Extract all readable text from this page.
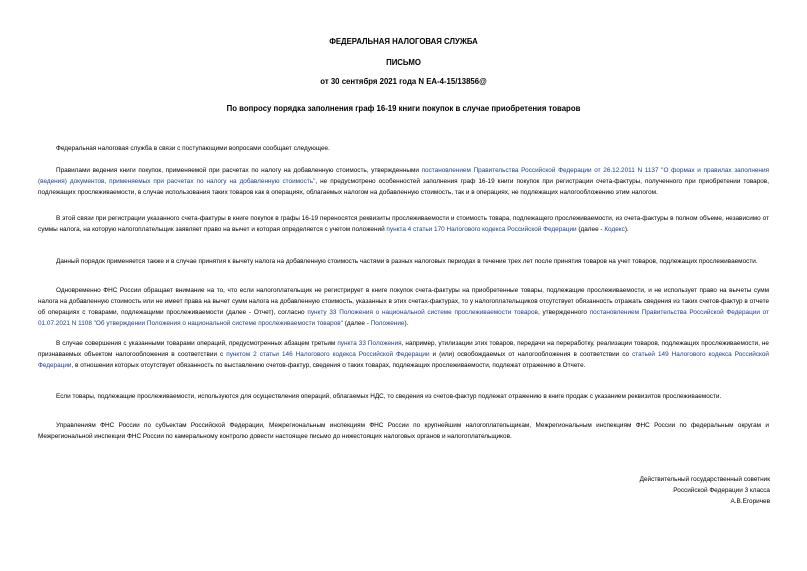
ФЕДЕРАЛЬНАЯ НАЛОГОВАЯ СЛУЖБА
ПИСЬМО
от 30 сентября 2021 года N ЕА-4-15/13856@
По вопросу порядка заполнения граф 16-19 книги покупок в случае приобретения товаров
Федеральная налоговая служба в связи с поступающими вопросами сообщает следующее.
Правилами ведения книги покупок, применяемой при расчетах по налогу на добавленную стоимость, утвержденными постановлением Правительства Российской Федерации от 26.12.2011 N 1137 "О формах и правилах заполнения (ведения) документов, применяемых при расчетах по налогу на добавленную стоимость", не предусмотрено особенностей заполнения граф 16-19 книги покупок при регистрации счета-фактуры, полученного при приобретении товаров, подлежащих прослеживаемости, в случае использования таких товаров как в операциях, облагаемых налогом на добавленную стоимость, так и в операциях, не подлежащих налогообложению этим налогом.
В этой связи при регистрации указанного счета-фактуры в книге покупок в графы 16-19 переносятся реквизиты прослеживаемости и стоимость товара, подлежащего прослеживаемости, из счета-фактуры в полном объеме, независимо от суммы налога, на которую налогоплательщик заявляет право на вычет и которая определяется с учетом положений пункта 4 статьи 170 Налогового кодекса Российской Федерации (далее - Кодекс).
Данный порядок применяется также и в случае принятия к вычету налога на добавленную стоимость частями в разных налоговых периодах в течение трех лет после принятия товаров на учет товаров, подлежащих прослеживаемости.
Одновременно ФНС России обращает внимание на то, что если налогоплательщик не регистрирует в книге покупок счета-фактуры на приобретенные товары, подлежащие прослеживаемости, и не использует право на вычеты сумм налога на добавленную стоимость или не имеет права на вычет сумм налога на добавленную стоимость, указанных в этих счетах-фактурах, то у налогоплательщиков отсутствует обязанность отражать сведения из таких счетов-фактур в отчете об операциях с товарами, подлежащими прослеживаемости (далее - Отчет), согласно пункту 33 Положения о национальной системе прослеживаемости товаров, утвержденного постановлением Правительства Российской Федерации от 01.07.2021 N 1108 "Об утверждении Положения о национальной системе прослеживаемости товаров" (далее - Положение).
В случае совершения с указанными товарами операций, предусмотренных абзацем третьим пункта 33 Положения, например, утилизации этих товаров, передачи на переработку, реализации товаров, подлежащих прослеживаемости, не признаваемых объектом налогообложения в соответствии с пунктом 2 статьи 146 Налогового кодекса Российской Федерации и (или) освобождаемых от налогообложения в соответствии со статьей 149 Налогового кодекса Российской Федерации, в отношении которых отсутствует обязанность по выставлению счетов-фактур, сведения о таких товарах, подлежащих прослеживаемости, подлежат отражению в Отчете.
Если товары, подлежащие прослеживаемости, используются для осуществления операций, облагаемых НДС, то сведения из счетов-фактур подлежат отражению в книге продаж с указанием реквизитов прослеживаемости.
Управлениям ФНС России по субъектам Российской Федерации, Межрегиональным инспекциям ФНС России по крупнейшим налогоплательщикам, Межрегиональным инспекциям ФНС России по федеральным округам и Межрегиональной инспекции ФНС России по камеральному контролю довести настоящее письмо до нижестоящих налоговых органов и налогоплательщиков.
Действительный государственный советник
Российской Федерации 3 класса
А.В.Егоричев
